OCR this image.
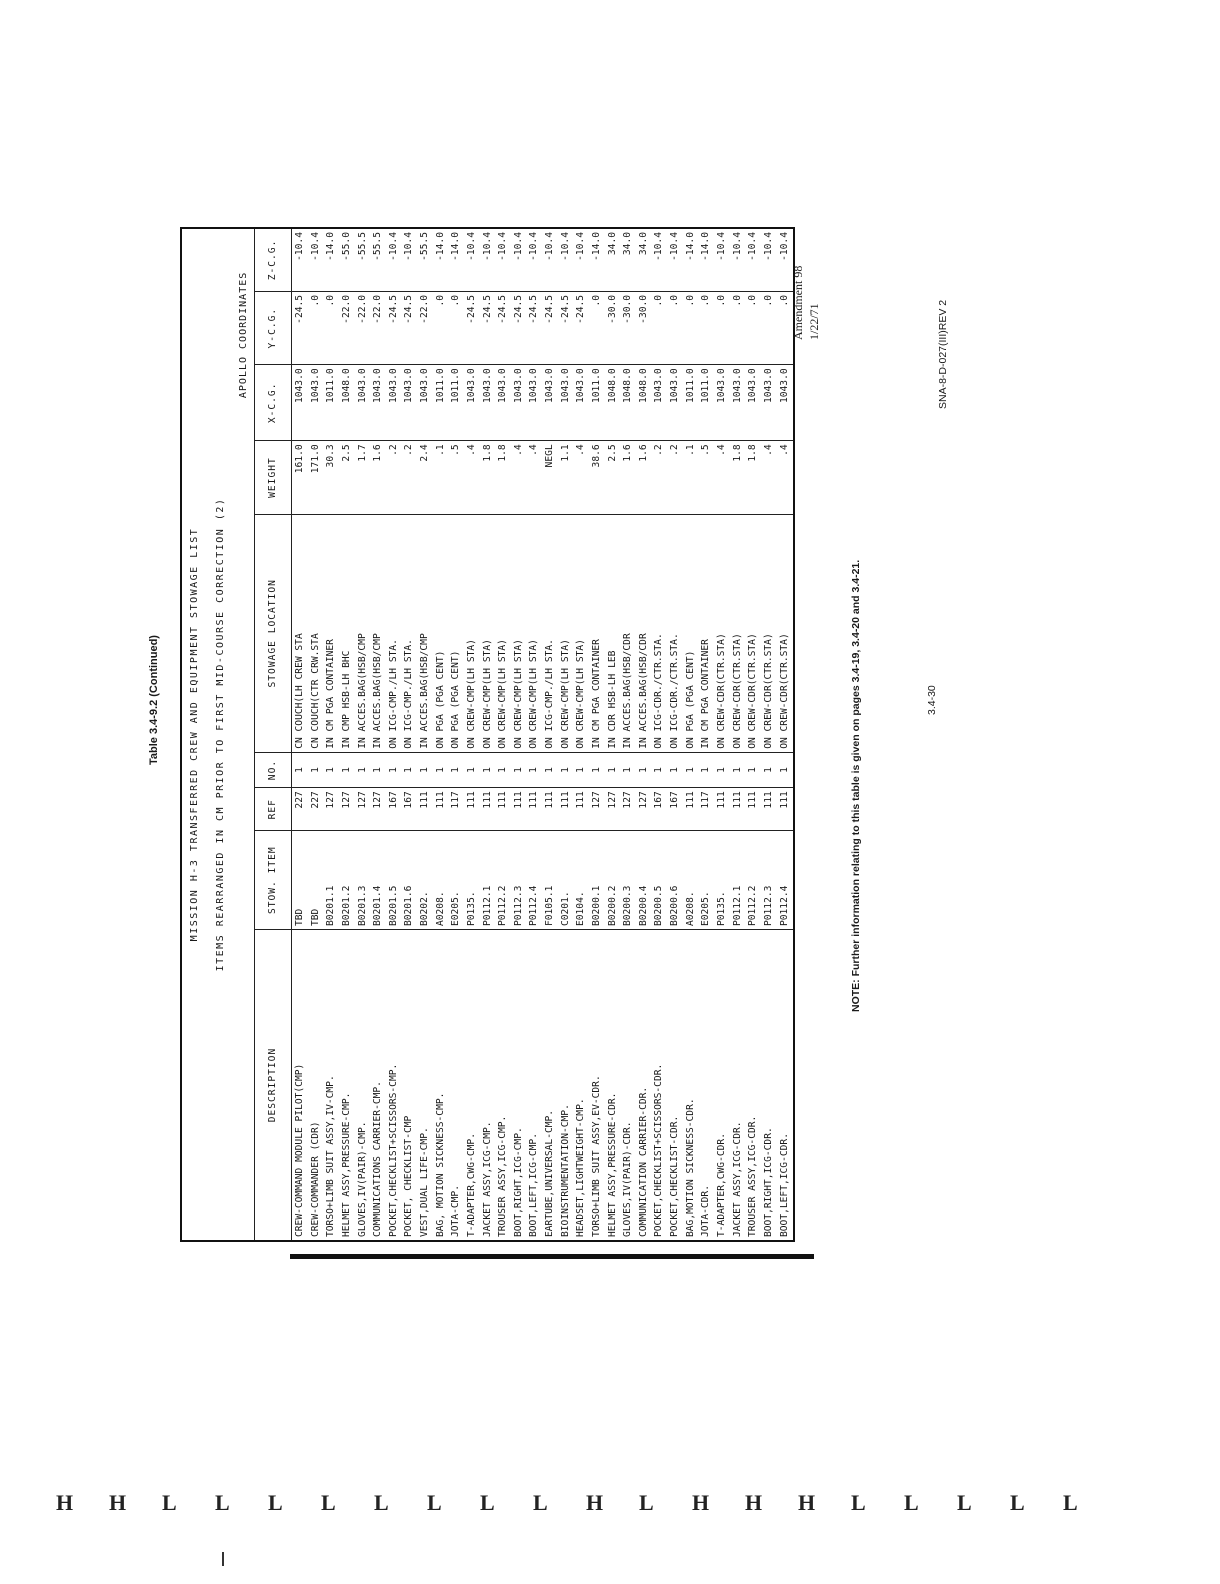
Amendment 98 1/22/71
Table 3.4-9.2 (Continued)	MISSION H-3 TRANSFERRED CREW AND EQUIPMENT STOWAGE LIST								
ITEMS REARRANGED IN CM PRIOR TO FIRST MID-COURSE CORRECTION (2)								
						APOLLO COORDINATES		
DESCRIPTION	STOW. ITEM	REF	NO.	STOWAGE LOCATION	WEIGHT	X-C.G.	Y-C.G.	Z-C.G.
CREW-COMMAND MODULE PILOT(CMP)	TBD	227	1	CN COUCH(LH CREW STA	161.0	1043.0	-24.5	-10.4
CREW-COMMANDER (CDR)	TBD	227	1	CN COUCH(CTR CRW.STA	171.0	1043.0	.0	-10.4
TORSO+LIMB SUIT ASSY,IV-CMP.	B0201.1	127	1	IN CM PGA CONTAINER	30.3	1011.0	.0	-14.0
HELMET ASSY,PRESSURE-CMP.	B0201.2	127	1	IN CMP HSB-LH BHC	2.5	1048.0	-22.0	-55.0
GLOVES,IV(PAIR)-CMP.	B0201.3	127	1	IN ACCES.BAG(HSB/CMP	1.7	1043.0	-22.0	-55.5
COMMUNICATIONS CARRIER-CMP.	B0201.4	127	1	IN ACCES.BAG(HSB/CMP	1.6	1043.0	-22.0	-55.5
POCKET,CHECKLIST+SCISSORS-CMP.	B0201.5	167	1	ON ICG-CMP./LH STA.	.2	1043.0	-24.5	-10.4
POCKET, CHECKLIST-CMP	B0201.6	167	1	ON ICG-CMP./LH STA.	.2	1043.0	-24.5	-10.4
VEST,DUAL LIFE-CMP.	B0202.	111	1	IN ACCES.BAG(HSB/CMP	2.4	1043.0	-22.0	-55.5
BAG, MOTION SICKNESS-CMP.	A0208.	111	1	ON PGA (PGA CENT)	.1	1011.0	.0	-14.0
JOTA-CMP.	E0205.	117	1	ON PGA (PGA CENT)	.5	1011.0	.0	-14.0
T-ADAPTER,CWG-CMP.	P0135.	111	1	ON CREW-CMP(LH STA)	.4	1043.0	-24.5	-10.4
JACKET ASSY,ICG-CMP.	P0112.1	111	1	ON CREW-CMP(LH STA)	1.8	1043.0	-24.5	-10.4
TROUSER ASSY,ICG-CMP.	P0112.2	111	1	ON CREW-CMP(LH STA)	1.8	1043.0	-24.5	-10.4
BOOT,RIGHT,ICG-CMP.	P0112.3	111	1	ON CREW-CMP(LH STA)	.4	1043.0	-24.5	-10.4
BOOT,LEFT,ICG-CMP.	P0112.4	111	1	ON CREW-CMP(LH STA)	.4	1043.0	-24.5	-10.4
EARTUBE,UNIVERSAL-CMP.	F0105.1	111	1	ON ICG-CMP./LH STA.	NEGL	1043.0	-24.5	-10.4
BIOINSTRUMENTATION-CMP.	C0201.	111	1	ON CREW-CMP(LH STA)	1.1	1043.0	-24.5	-10.4
HEADSET,LIGHTWEIGHT-CMP.	E0104.	111	1	ON CREW-CMP(LH STA)	.4	1043.0	-24.5	-10.4
TORSO+LIMB SUIT ASSY,EV-CDR.	B0200.1	127	1	IN CM PGA CONTAINER	38.6	1011.0	.0	-14.0
HELMET ASSY,PRESSURE-CDR.	B0200.2	127	1	IN CDR HSB-LH LEB	2.5	1048.0	-30.0	34.0
GLOVES,IV(PAIR)-CDR.	B0200.3	127	1	IN ACCES.BAG(HSB/CDR	1.6	1048.0	-30.0	34.0
COMMUNICATION CARRIER-CDR.	B0200.4	127	1	IN ACCES.BAG(HSB/CDR	1.6	1048.0	-30.0	34.0
POCKET,CHECKLIST+SCISSORS-CDR.	B0200.5	167	1	ON ICG-CDR./CTR.STA.	.2	1043.0	.0	-10.4
POCKET,CHECKLIST-CDR.	B0200.6	167	1	ON ICG-CDR./CTR.STA.	.2	1043.0	.0	-10.4
BAG,MOTION SICKNESS-CDR.	A0208.	111	1	ON PGA (PGA CENT)	.1	1011.0	.0	-14.0
JOTA-CDR.	E0205.	117	1	IN CM PGA CONTAINER	.5	1011.0	.0	-14.0
T-ADAPTER,CWG-CDR.	P0135.	111	1	ON CREW-CDR(CTR.STA)	.4	1043.0	.0	-10.4
JACKET ASSY,ICG-CDR.	P0112.1	111	1	ON CREW-CDR(CTR.STA)	1.8	1043.0	.0	-10.4
TROUSER ASSY,ICG-CDR.	P0112.2	111	1	ON CREW-CDR(CTR.STA)	1.8	1043.0	.0	-10.4
BOOT,RIGHT,ICG-CDR.	P0112.3	111	1	ON CREW-CDR(CTR.STA)	.4	1043.0	.0	-10.4
BOOT,LEFT,ICG-CDR.	P0112.4	111	1	ON CREW-CDR(CTR.STA)	.4	1043.0	.0	-10.4
NOTE: Further information relating to this table is given on pages 3.4-19, 3.4-20 and 3.4-21.	3.4-30
SNA-8-D-027(III)REV 2
H H L L L L L L L L H L H H H L L L L L
